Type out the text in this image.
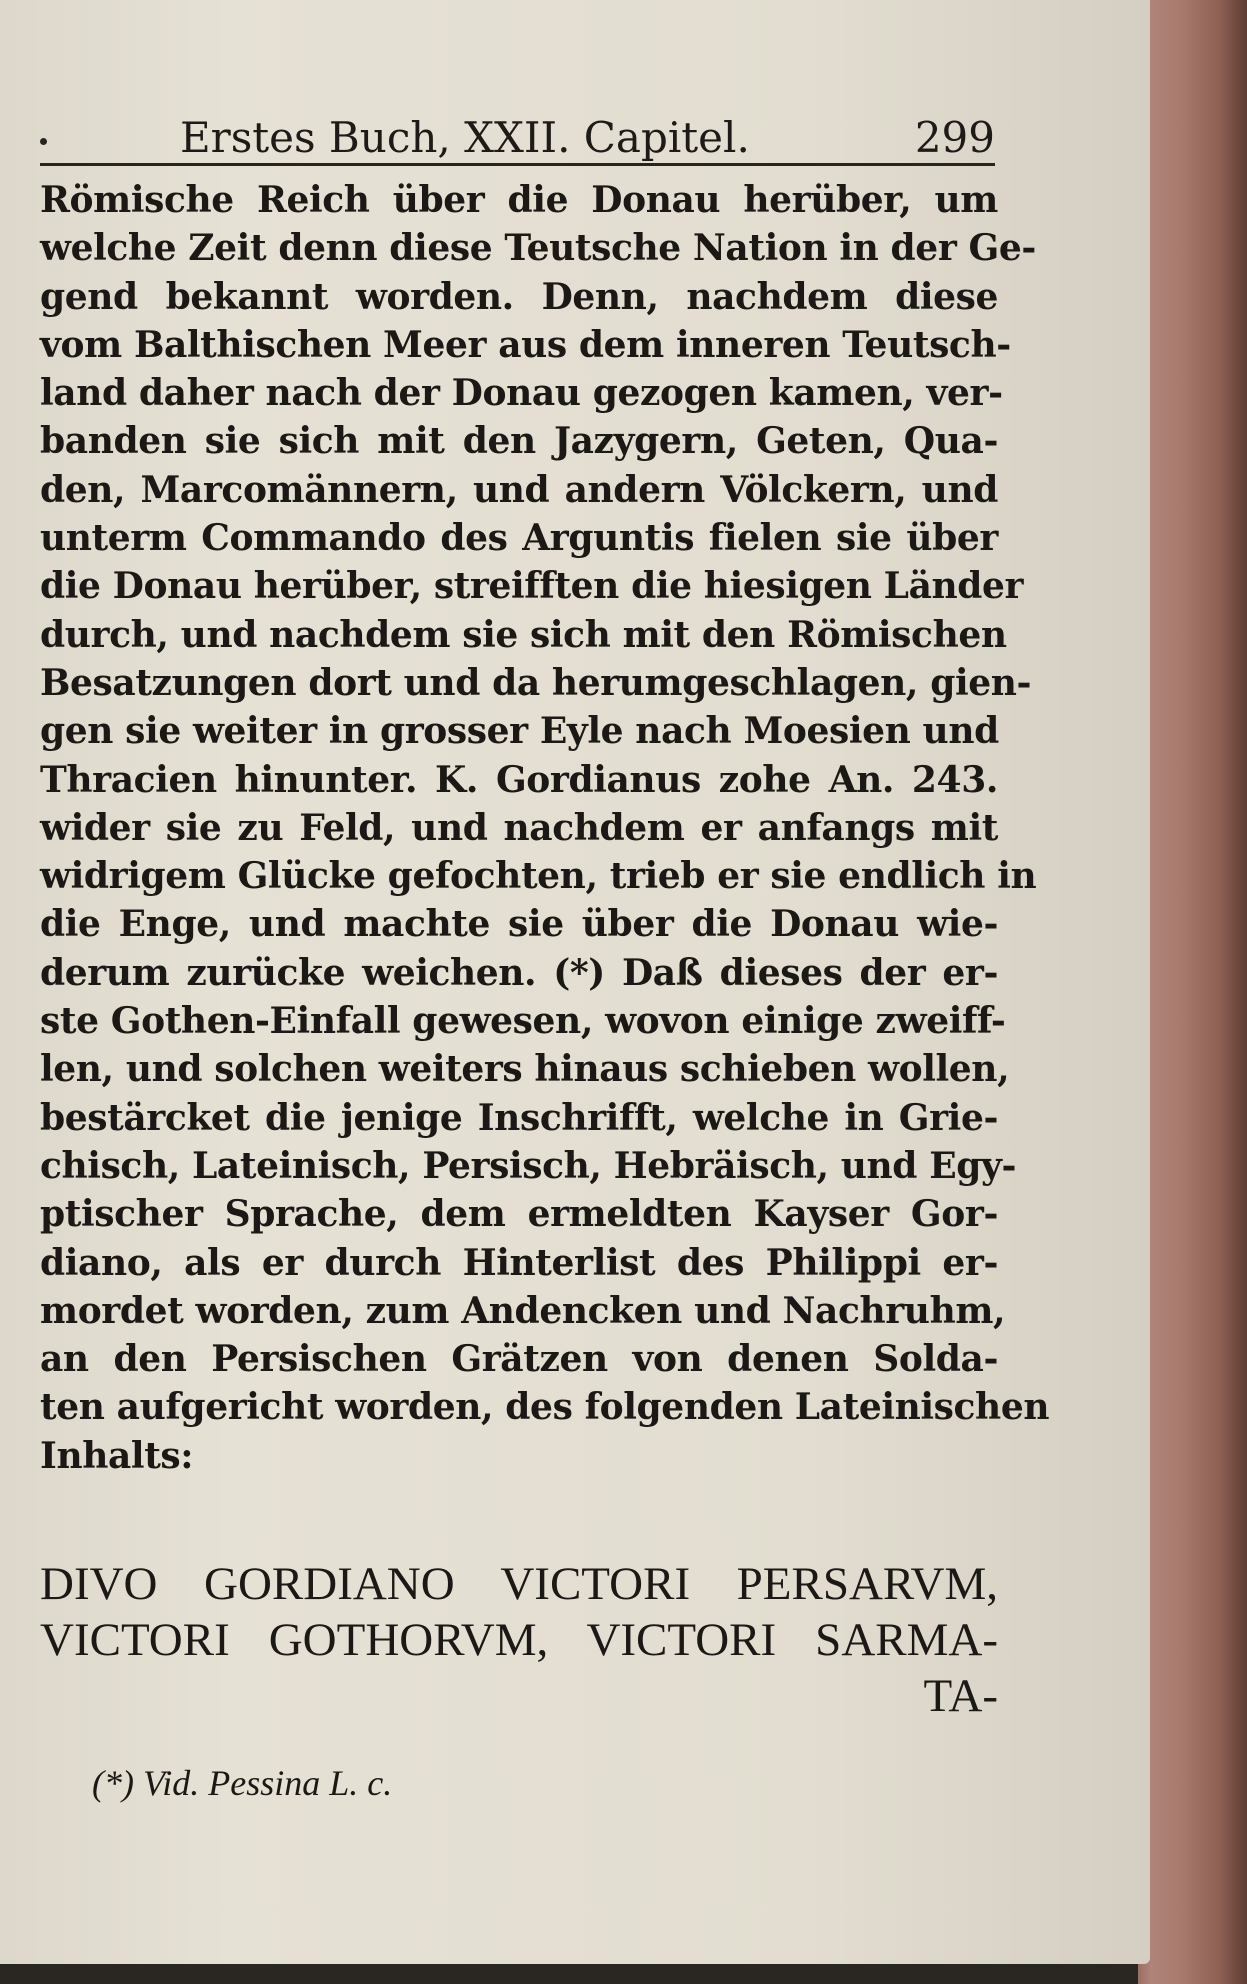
Erstes Buch, XXII. Capitel.	299
Römische Reich über die Donau herüber, um
welche Zeit denn diese Teutsche Nation in der Ge-
gend bekannt worden. Denn, nachdem diese
vom Balthischen Meer aus dem inneren Teutsch-
land daher nach der Donau gezogen kamen, ver-
banden sie sich mit den Jazygern, Geten, Qua-
den, Marcomännern, und andern Völckern, und
unterm Commando des Arguntis fielen sie über
die Donau herüber, streifften die hiesigen Länder
durch, und nachdem sie sich mit den Römischen
Besatzungen dort und da herumgeschlagen, gien-
gen sie weiter in grosser Eyle nach Moesien und
Thracien hinunter. K. Gordianus zohe An. 243.
wider sie zu Feld, und nachdem er anfangs mit
widrigem Glücke gefochten, trieb er sie endlich in
die Enge, und machte sie über die Donau wie-
derum zurücke weichen. (*) Daß dieses der er-
ste Gothen-Einfall gewesen, wovon einige zweiff-
len, und solchen weiters hinaus schieben wollen,
bestärcket die jenige Inschrifft, welche in Grie-
chisch, Lateinisch, Persisch, Hebräisch, und Egy-
ptischer Sprache, dem ermeldten Kayser Gor-
diano, als er durch Hinterlist des Philippi er-
mordet worden, zum Andencken und Nachruhm,
an den Persischen Grätzen von denen Solda-
ten aufgericht worden, des folgenden Lateinischen
Inhalts:
DIVO GORDIANO VICTORI PERSARVM,
VICTORI GOTHORVM, VICTORI SARMA-
TA-
(*) Vid. Pessina L. c.
